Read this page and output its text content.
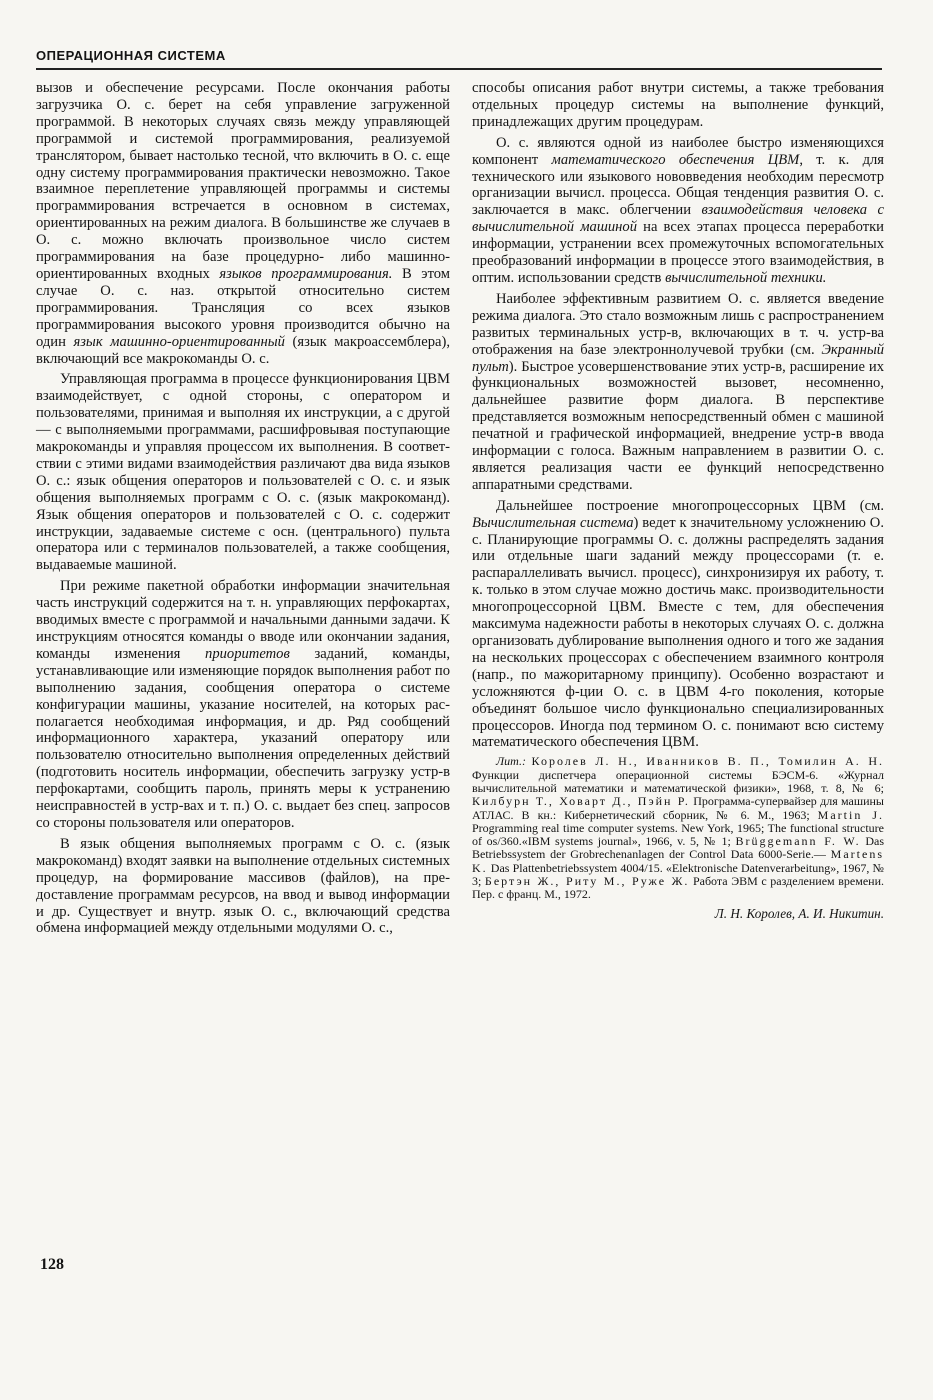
ОПЕРАЦИОННАЯ СИСТЕМА

вызов и обеспечение ресурсами. После окончания работы загрузчика О. с. берет на себя управление загруженной программой. В некоторых случаях связь между управляющей программой и системой программирования, реализуемой транслятором, бывает настолько тесной, что включить в О. с. еще одну систему программирования практически невозможно. Такое взаимное переплетение управляющей программы и системы программирования встречается в основном в системах, ориентированных на режим диалога. В большинстве же случаев в О. с. можно включать произвольное число систем программирования на базе процедурно- либо машинно-ориентированных входных языков программирования. В этом случае О. с. наз. открытой относительно систем программирования. Трансляция со всех языков программирования высокого уровня производится обычно на один язык машинно-ориентированный (язык макроассемблера), включающий все макрокоманды О. с.

Управляющая программа в процессе функционирования ЦВМ взаимодействует, с одной стороны, с оператором и пользователями, принимая и выполняя их инструкции, а с другой — с выполняемыми программами, расшифровывая поступающие макрокоманды и управляя процессом их выполнения. В соответствии с этими видами взаимодействия различают два вида языков О. с.: язык общения операторов и пользователей с О. с. и язык общения выполняемых программ с О. с. (язык макрокоманд). Язык общения операторов и пользователей с О. с. содержит инструкции, задаваемые системе с осн. (центрального) пульта оператора или с терминалов пользователей, а также сообщения, выдаваемые машиной.

При режиме пакетной обработки информации значительная часть инструкций содержится на т. н. управляющих перфокартах, вводимых вместе с программой и начальными данными задачи. К инструкциям относятся команды о вводе или окончании задания, команды изменения приоритетов заданий, команды, устанавливающие или изменяющие порядок выполнения работ по выполнению задания, сообщения оператора о системе конфигурации машины, указание носителей, на которых располагается необходимая информация, и др. Ряд сообщений информационного характера, указаний оператору или пользователю относительно выполнения определенных действий (подготовить носитель информации, обеспечить загрузку устр-в перфокартами, сообщить пароль, принять меры к устранению неисправностей в устр-вах и т. п.) О. с. выдает без спец. запросов со стороны пользователя или операторов.

В язык общения выполняемых программ с О. с. (язык макрокоманд) входят заявки на выполнение отдельных системных процедур, на формирование массивов (файлов), на предоставление программам ресурсов, на ввод и вывод информации и др. Существует и внутр. язык О. с., включающий средства обмена информацией между отдельными модулями О. с.,

способы описания работ внутри системы, а также требования отдельных процедур системы на выполнение функций, принадлежащих другим процедурам.

О. с. являются одной из наиболее быстро изменяющихся компонент математического обеспечения ЦВМ, т. к. для технического или языкового нововведения необходим пересмотр организации вычисл. процесса. Общая тенденция развития О. с. заключается в макс. облегчении взаимодействия человека с вычислительной машиной на всех этапах процесса переработки информации, устранении всех промежуточных вспомогательных преобразований информации в процессе этого взаимодействия, в оптим. использовании средств вычислительной техники.

Наиболее эффективным развитием О. с. является введение режима диалога. Это стало возможным лишь с распространением развитых терминальных устр-в, включающих в т. ч. устр-ва отображения на базе электроннолучевой трубки (см. Экранный пульт). Быстрое усовершенствование этих устр-в, расширение их функциональных возможностей вызовет, несомненно, дальнейшее развитие форм диалога. В перспективе представляется возможным непосредственный обмен с машиной печатной и графической информацией, внедрение устр-в ввода информации с голоса. Важным направлением в развитии О. с. является реализация части ее функций непосредственно аппаратными средствами.

Дальнейшее построение многопроцессорных ЦВМ (см. Вычислительная система) ведет к значительному усложнению О. с. Планирующие программы О. с. должны распределять задания или отдельные шаги заданий между процессорами (т. е. распараллеливать вычисл. процесс), синхронизируя их работу, т. к. только в этом случае можно достичь макс. производительности многопроцессорной ЦВМ. Вместе с тем, для обеспечения максимума надежности работы в некоторых случаях О. с. должна организовать дублирование выполнения одного и того же задания на нескольких процессорах с обеспечением взаимного контроля (напр., по мажоритарному принципу). Особенно возрастают и усложняются ф-ции О. с. в ЦВМ 4-го поколения, которые объединят большое число функционально специализированных процессоров. Иногда под термином О. с. понимают всю систему математического обеспечения ЦВМ.

Лит.: Королев Л. Н., Иванников В. П., Томилин А. Н. Функции диспетчера операционной системы БЭСМ-6. «Журнал вычислительной математики и математической физики», 1968, т. 8, № 6; Килбурн Т., Ховарт Д., Пэйн Р. Программа-супервайзер для машины АТЛАС. В кн.: Кибернетический сборник, № 6. М., 1963; Martin J. Programming real time computer systems. New York, 1965; The functional structure of os/360.«IBM systems journal», 1966, v. 5, № 1; Brüggemann F. W. Das Betriebssystem der Grobrechenanlagen der Control Data 6000-Serie.— Martens K. Das Plattenbetriebssystem 4004/15. «Elektronische Datenverarbeitung», 1967, № 3; Бертэн Ж., Риту М., Руже Ж. Работа ЭВМ с разделением времени. Пер. с франц. М., 1972.

Л. Н. Королев, А. И. Никитин.

128
